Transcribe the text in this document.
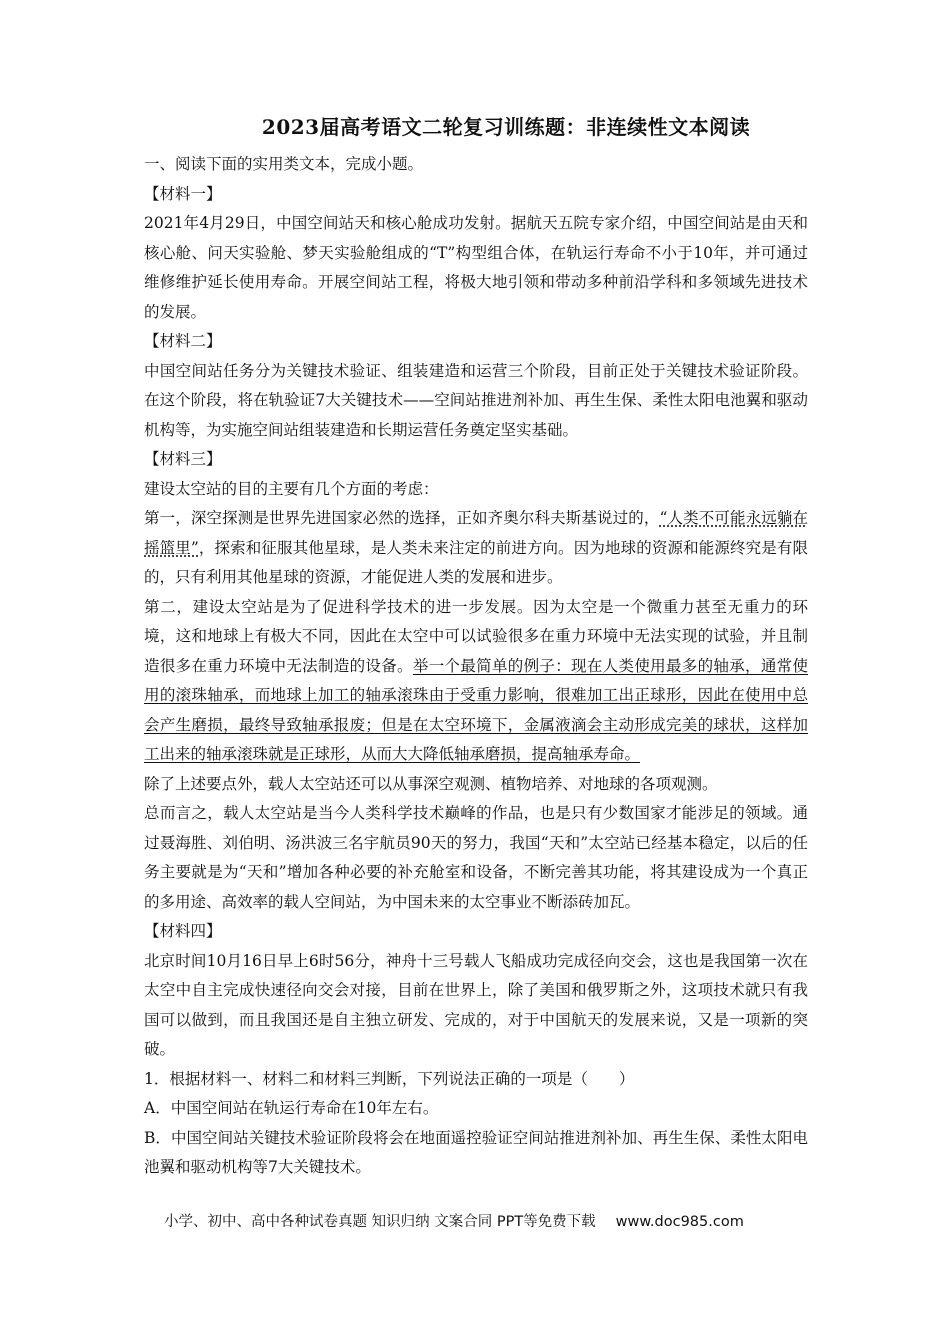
2023届高考语文二轮复习训练题：非连续性文本阅读

一、阅读下面的实用类文本，完成小题。

【材料一】

2021年4月29日，中国空间站天和核心舱成功发射。据航天五院专家介绍，中国空间站是由天和核心舱、问天实验舱、梦天实验舱组成的“T”构型组合体，在轨运行寿命不小于10年，并可通过维修维护延长使用寿命。开展空间站工程，将极大地引领和带动多种前沿学科和多领域先进技术的发展。

【材料二】

中国空间站任务分为关键技术验证、组装建造和运营三个阶段，目前正处于关键技术验证阶段。在这个阶段，将在轨验证7大关键技术——空间站推进剂补加、再生生保、柔性太阳电池翼和驱动机构等，为实施空间站组装建造和长期运营任务奠定坚实基础。

【材料三】

建设太空站的目的主要有几个方面的考虑：

第一，深空探测是世界先进国家必然的选择，正如齐奥尔科夫斯基说过的，“人类不可能永远躺在摇篮里”，探索和征服其他星球，是人类未来注定的前进方向。因为地球的资源和能源终究是有限的，只有利用其他星球的资源，才能促进人类的发展和进步。

第二，建设太空站是为了促进科学技术的进一步发展。因为太空是一个微重力甚至无重力的环境，这和地球上有极大不同，因此在太空中可以试验很多在重力环境中无法实现的试验，并且制造很多在重力环境中无法制造的设备。举一个最简单的例子：现在人类使用最多的轴承，通常使用的滚珠轴承，而地球上加工的轴承滚珠由于受重力影响，很难加工出正球形，因此在使用中总会产生磨损，最终导致轴承报废；但是在太空环境下，金属液滴会主动形成完美的球状，这样加工出来的轴承滚珠就是正球形，从而大大降低轴承磨损，提高轴承寿命。

除了上述要点外，载人太空站还可以从事深空观测、植物培养、对地球的各项观测。

总而言之，载人太空站是当今人类科学技术巅峰的作品，也是只有少数国家才能涉足的领域。通过聂海胜、刘伯明、汤洪波三名宇航员90天的努力，我国“天和”太空站已经基本稳定，以后的任务主要就是为“天和”增加各种必要的补充舱室和设备，不断完善其功能，将其建设成为一个真正的多用途、高效率的载人空间站，为中国未来的太空事业不断添砖加瓦。

【材料四】

北京时间10月16日早上6时56分，神舟十三号载人飞船成功完成径向交会，这也是我国第一次在太空中自主完成快速径向交会对接，目前在世界上，除了美国和俄罗斯之外，这项技术就只有我国可以做到，而且我国还是自主独立研发、完成的，对于中国航天的发展来说，又是一项新的突破。

1．根据材料一、材料二和材料三判断，下列说法正确的一项是（　　）

A．中国空间站在轨运行寿命在10年左右。

B．中国空间站关键技术验证阶段将会在地面遥控验证空间站推进剂补加、再生生保、柔性太阳电池翼和驱动机构等7大关键技术。

小学、初中、高中各种试卷真题 知识归纳 文案合同 PPT等免费下载 www.doc985.com
